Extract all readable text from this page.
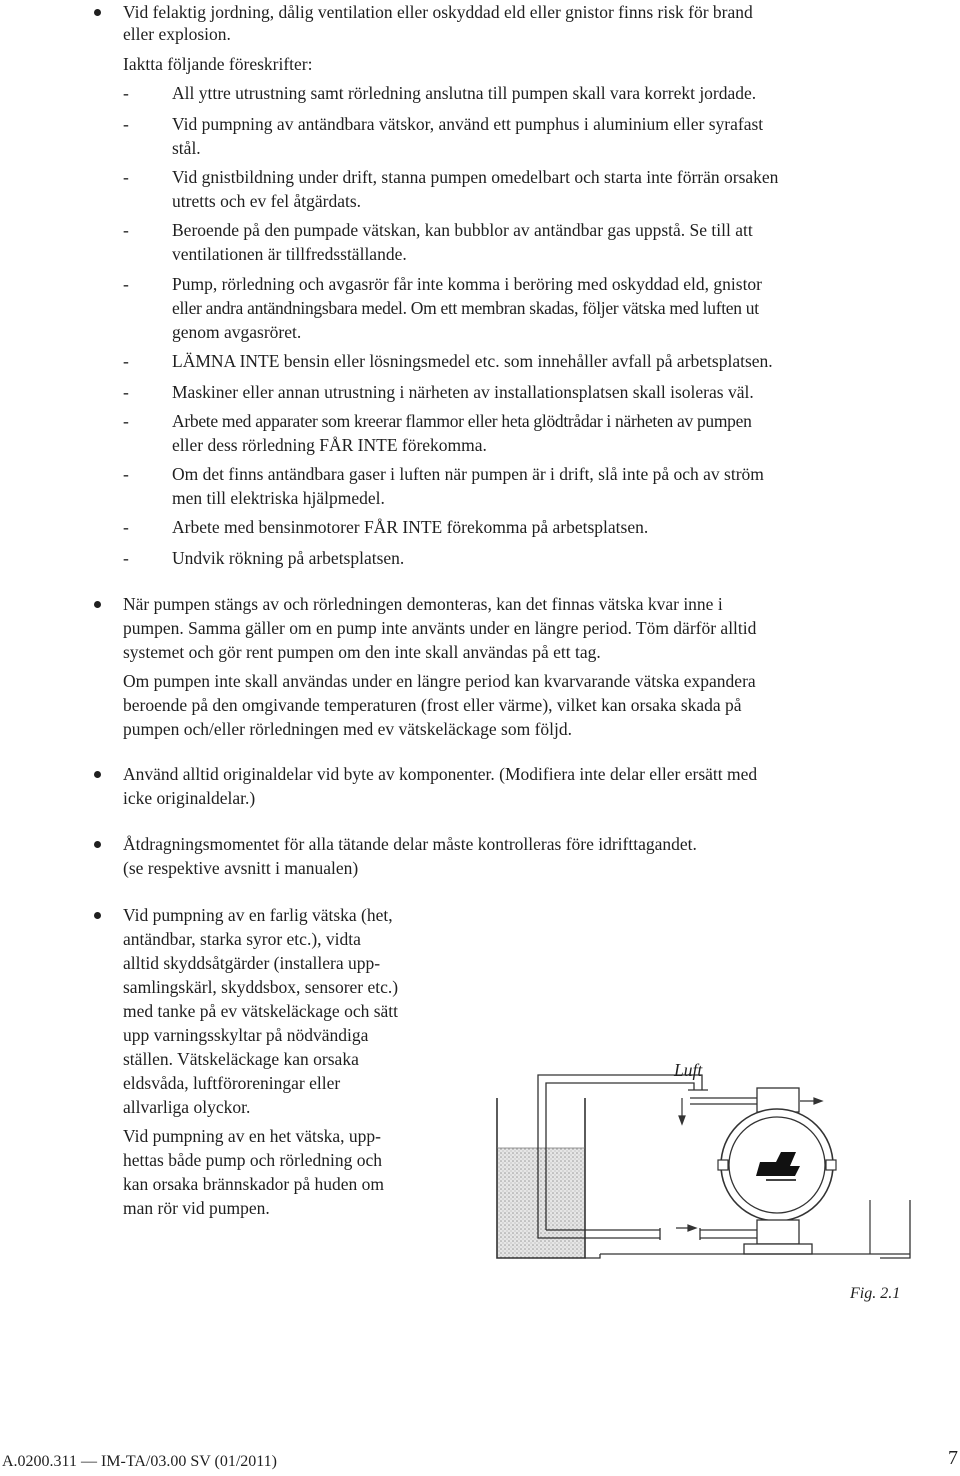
Vid felaktig jordning, dålig ventilation eller oskyddad eld eller gnistor finns risk för brand
eller explosion.
Iaktta följande föreskrifter:
- All yttre utrustning samt rörledning anslutna till pumpen skall vara korrekt jordade.
- Vid pumpning av antändbara vätskor, använd ett pumphus i aluminium eller syrafast
stål.
- Vid gnistbildning under drift, stanna pumpen omedelbart och starta inte förrän orsaken
utretts och ev fel åtgärdats.
- Beroende på den pumpade vätskan, kan bubblor av antändbar gas uppstå. Se till att
ventilationen är tillfredsställande.
- Pump, rörledning och avgasrör får inte komma i beröring med oskyddad eld, gnistor
eller andra antändningsbara medel. Om ett membran skadas, följer vätska med luften ut
genom avgasröret.
- LÄMNA INTE bensin eller lösningsmedel etc. som innehåller avfall på arbetsplatsen.
- Maskiner eller annan utrustning i närheten av installationsplatsen skall isoleras väl.
- Arbete med apparater som kreerar flammor eller heta glödtrådar i närheten av pumpen
eller dess rörledning FÅR INTE förekomma.
- Om det finns antändbara gaser i luften när pumpen är i drift, slå inte på och av ström
men till elektriska hjälpmedel.
- Arbete med bensinmotorer FÅR INTE förekomma på arbetsplatsen.
- Undvik rökning på arbetsplatsen.
När pumpen stängs av och rörledningen demonteras, kan det finnas vätska kvar inne i
pumpen. Samma gäller om en pump inte använts under en längre period. Töm därför alltid
systemet och gör rent pumpen om den inte skall användas på ett tag.
Om pumpen inte skall användas under en längre period kan kvarvarande vätska expandera
beroende på den omgivande temperaturen (frost eller värme), vilket kan orsaka skada på
pumpen och/eller rörledningen med ev vätskeläckage som följd.
Använd alltid originaldelar vid byte av komponenter. (Modifiera inte delar eller ersätt med
icke originaldelar.)
Åtdragningsmomentet för alla tätande delar måste kontrolleras före idrifttagandet.
(se respektive avsnitt i manualen)
Vid pumpning av en farlig vätska (het,
antändbar, starka syror etc.), vidta
alltid skyddsåtgärder (installera upp-
samlingskärl, skyddsbox, sensorer etc.)
med tanke på ev vätskeläckage och sätt
upp varningsskyltar på nödvändiga
ställen. Vätskeläckage kan orsaka
eldsvåda, luftföroreningar eller
allvarliga olyckor.
Vid pumpning av en het vätska, upp-
hettas både pump och rörledning och
kan orsaka brännskador på huden om
man rör vid pumpen.
Luft
Fig. 2.1
A.0200.311 — IM-TA/03.00 SV (01/2011)	7
